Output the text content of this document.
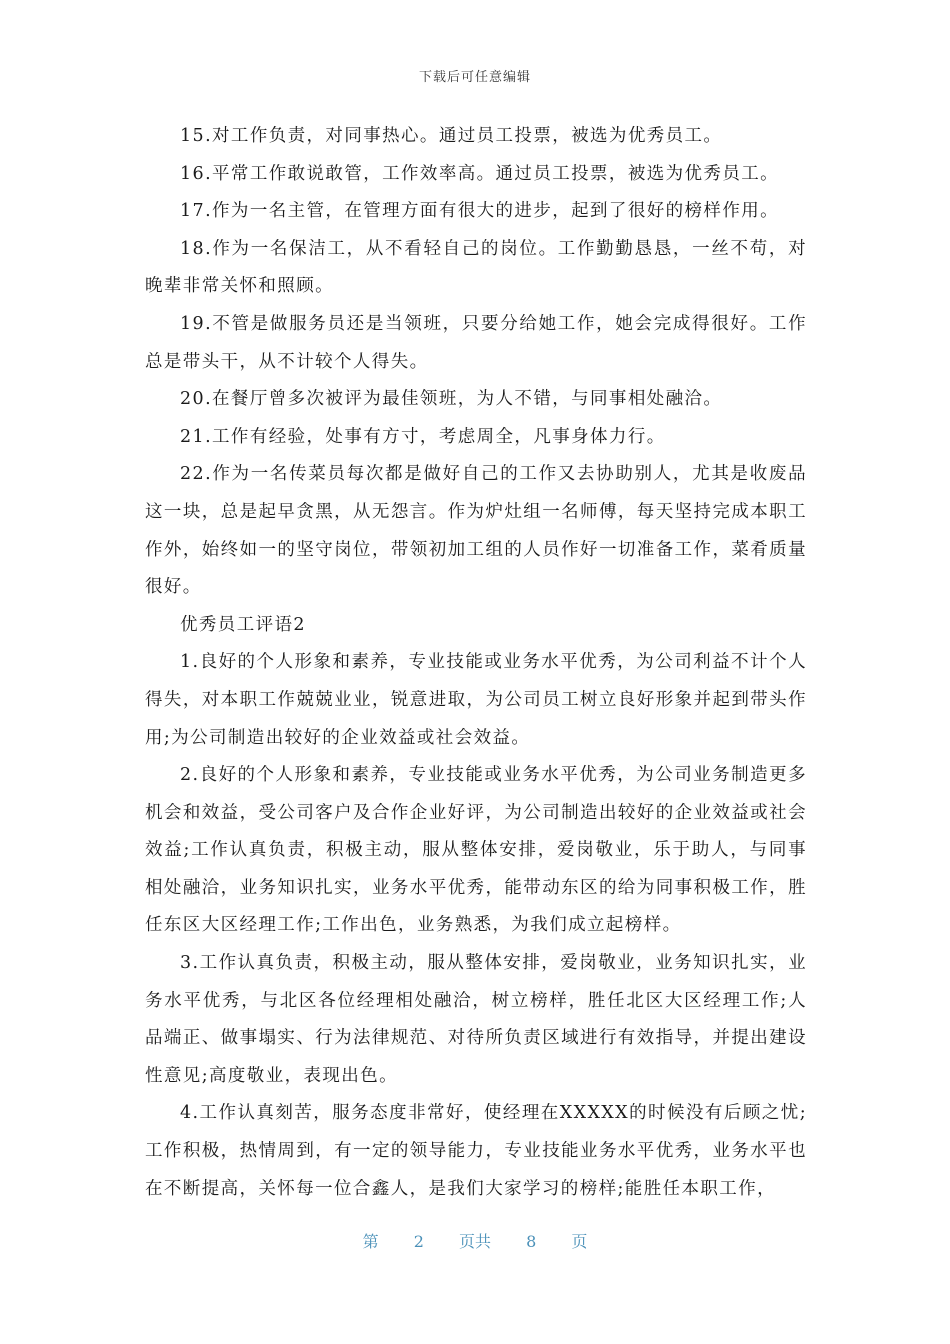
下载后可任意编辑

15.对工作负责，对同事热心。通过员工投票，被选为优秀员工。

16.平常工作敢说敢管，工作效率高。通过员工投票，被选为优秀员工。

17.作为一名主管，在管理方面有很大的进步，起到了很好的榜样作用。

18.作为一名保洁工，从不看轻自己的岗位。工作勤勤恳恳，一丝不苟，对晚辈非常关怀和照顾。

19.不管是做服务员还是当领班，只要分给她工作，她会完成得很好。工作总是带头干，从不计较个人得失。

20.在餐厅曾多次被评为最佳领班，为人不错，与同事相处融洽。

21.工作有经验，处事有方寸，考虑周全，凡事身体力行。

22.作为一名传菜员每次都是做好自己的工作又去协助别人，尤其是收废品这一块，总是起早贪黑，从无怨言。作为炉灶组一名师傅，每天坚持完成本职工作外，始终如一的坚守岗位，带领初加工组的人员作好一切准备工作，菜肴质量很好。

优秀员工评语2

1.良好的个人形象和素养，专业技能或业务水平优秀，为公司利益不计个人得失，对本职工作兢兢业业，锐意进取，为公司员工树立良好形象并起到带头作用;为公司制造出较好的企业效益或社会效益。

2.良好的个人形象和素养，专业技能或业务水平优秀，为公司业务制造更多机会和效益，受公司客户及合作企业好评，为公司制造出较好的企业效益或社会效益;工作认真负责，积极主动，服从整体安排，爱岗敬业，乐于助人，与同事相处融洽，业务知识扎实，业务水平优秀，能带动东区的给为同事积极工作，胜任东区大区经理工作;工作出色，业务熟悉，为我们成立起榜样。

3.工作认真负责，积极主动，服从整体安排，爱岗敬业，业务知识扎实，业务水平优秀，与北区各位经理相处融洽，树立榜样，胜任北区大区经理工作;人品端正、做事塌实、行为法律规范、对待所负责区域进行有效指导，并提出建设性意见;高度敬业，表现出色。

4.工作认真刻苦，服务态度非常好，使经理在XXXXX的时候没有后顾之忧;工作积极，热情周到，有一定的领导能力，专业技能业务水平优秀，业务水平也在不断提高，关怀每一位合鑫人，是我们大家学习的榜样;能胜任本职工作，

第 2 页共 8 页
